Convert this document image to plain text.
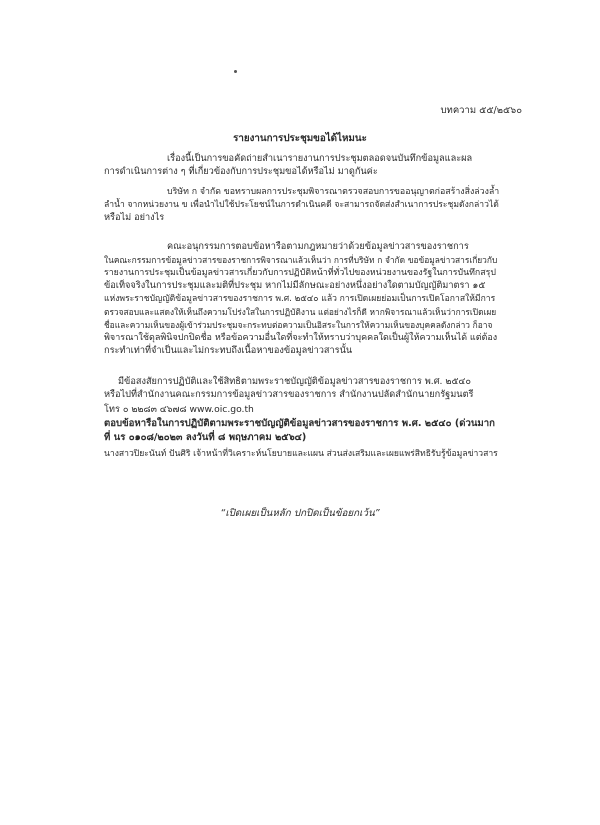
บทความ ๕๕/๒๕๖๐
รายงานการประชุมขอได้ไหมนะ
เรื่องนี้เป็นการขอคัดถ่ายสำเนารายงานการประชุมตลอดจนบันทึกข้อมูลและผล
การดำเนินการต่าง ๆ ที่เกี่ยวข้องกับการประชุมขอได้หรือไม่ มาดูกันค่ะ
บริษัท ก จำกัด ขอทราบผลการประชุมพิจารณาตรวจสอบการขออนุญาตก่อสร้างสิ่งล่วงล้ำ
ลำน้ำ จากหน่วยงาน ข เพื่อนำไปใช้ประโยชน์ในการดำเนินคดี จะสามารถจัดส่งสำเนาการประชุมดังกล่าวได้
หรือไม่ อย่างไร
คณะอนุกรรมการตอบข้อหารือตามกฎหมายว่าด้วยข้อมูลข่าวสารของราชการ
ในคณะกรรมการข้อมูลข่าวสารของราชการพิจารณาแล้วเห็นว่า การที่บริษัท ก จำกัด ขอข้อมูลข่าวสารเกี่ยวกับ
รายงานการประชุมเป็นข้อมูลข่าวสารเกี่ยวกับการปฏิบัติหน้าที่ทั่วไปของหน่วยงานของรัฐในการบันทึกสรุป
ข้อเท็จจริงในการประชุมและมติที่ประชุม หากไม่มีลักษณะอย่างหนึ่งอย่างใดตามบัญญัติมาตรา ๑๕
แห่งพระราชบัญญัติข้อมูลข่าวสารของราชการ พ.ศ. ๒๕๔๐ แล้ว การเปิดเผยย่อมเป็นการเปิดโอกาสให้มีการ
ตรวจสอบและแสดงให้เห็นถึงความโปร่งใสในการปฏิบัติงาน แต่อย่างไรก็ดี หากพิจารณาแล้วเห็นว่าการเปิดเผย
ชื่อและความเห็นของผู้เข้าร่วมประชุมจะกระทบต่อความเป็นอิสระในการให้ความเห็นของบุคคลดังกล่าว ก็อาจ
พิจารณาใช้ดุลพินิจปกปิดชื่อ หรือข้อความอื่นใดที่จะทำให้ทราบว่าบุคคลใดเป็นผู้ให้ความเห็นได้ แต่ต้อง
กระทำเท่าที่จำเป็นและไม่กระทบถึงเนื้อหาของข้อมูลข่าวสารนั้น
มีข้อสงสัยการปฏิบัติและใช้สิทธิตามพระราชบัญญัติข้อมูลข่าวสารของราชการ พ.ศ. ๒๕๔๐
หรือไปที่สำนักงานคณะกรรมการข้อมูลข่าวสารของราชการ สำนักงานปลัดสำนักนายกรัฐมนตรี
โทร ๐ ๒๒๘๓ ๔๖๗๘ www.oic.go.th
ตอบข้อหารือในการปฏิบัติตามพระราชบัญญัติข้อมูลข่าวสารของราชการ พ.ศ. ๒๕๔๐ (ด่วนมาก
ที่ นร ๐๑๐๘/๒๐๒๓ ลงวันที่ ๘ พฤษภาคม ๒๕๖๔)
นางสาวปิยะนันท์ ปันศิริ เจ้าหน้าที่วิเคราะห์นโยบายและแผน ส่วนส่งเสริมและเผยแพร่สิทธิรับรู้ข้อมูลข่าวสาร
“เปิดเผยเป็นหลัก ปกปิดเป็นข้อยกเว้น”
